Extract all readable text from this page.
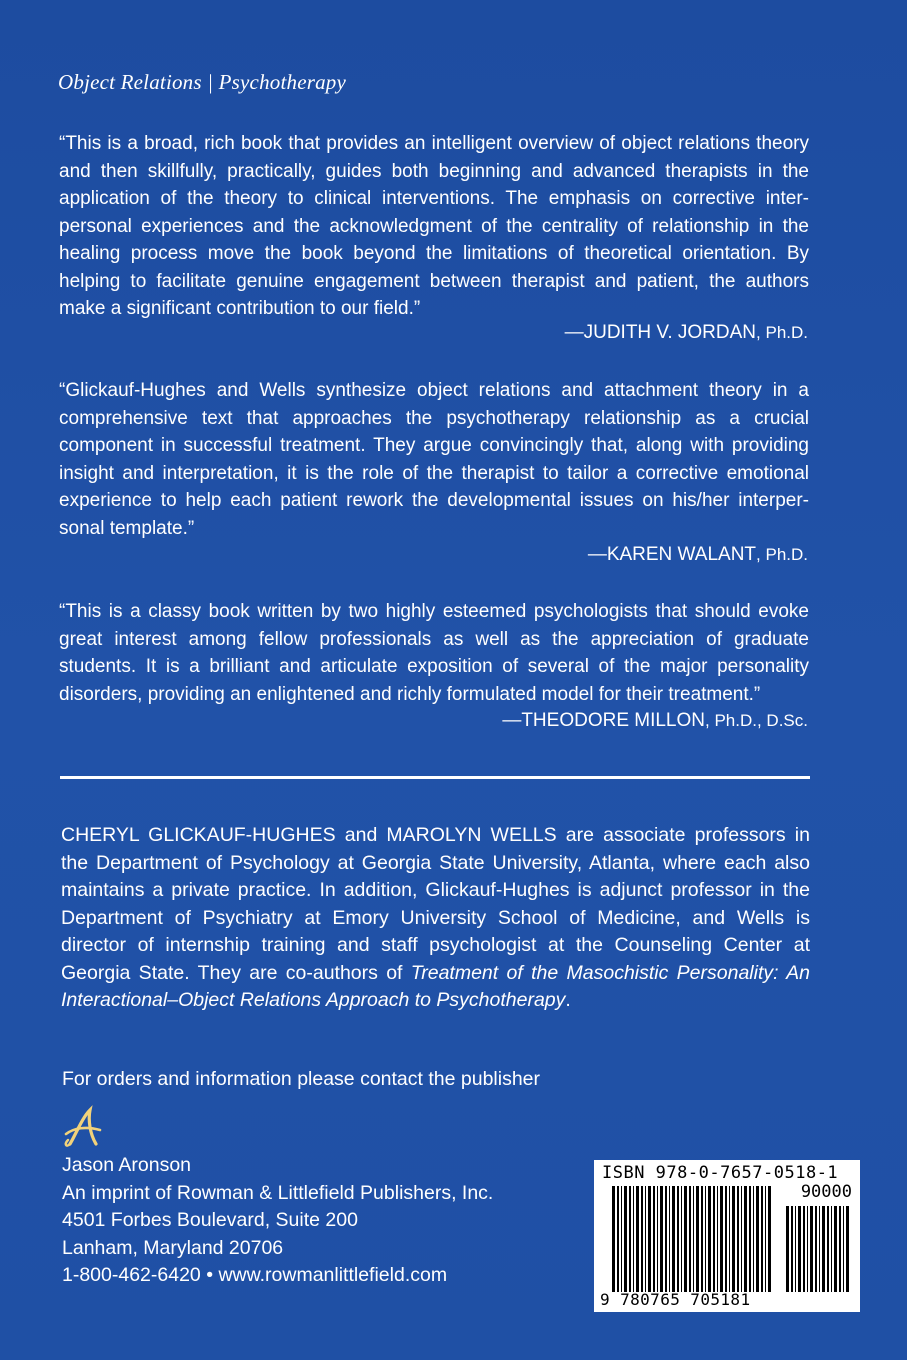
Object Relations | Psychotherapy
“This is a broad, rich book that provides an intelligent overview of object relations theory and then skillfully, practically, guides both beginning and advanced therapists in the application of the theory to clinical interventions. The emphasis on corrective inter-personal experiences and the acknowledgment of the centrality of relationship in the healing process move the book beyond the limitations of theoretical orientation. By helping to facilitate genuine engagement between therapist and patient, the authors make a significant contribution to our field.”
—JUDITH V. JORDAN, Ph.D.
“Glickauf-Hughes and Wells synthesize object relations and attachment theory in a comprehensive text that approaches the psychotherapy relationship as a crucial component in successful treatment. They argue convincingly that, along with providing insight and interpretation, it is the role of the therapist to tailor a corrective emotional experience to help each patient rework the developmental issues on his/her interper-sonal template.”
—KAREN WALANT, Ph.D.
“This is a classy book written by two highly esteemed psychologists that should evoke great interest among fellow professionals as well as the appreciation of graduate students. It is a brilliant and articulate exposition of several of the major personality disorders, providing an enlightened and richly formulated model for their treatment.”
—THEODORE MILLON, Ph.D., D.Sc.
CHERYL GLICKAUF-HUGHES and MAROLYN WELLS are associate professors in the Department of Psychology at Georgia State University, Atlanta, where each also maintains a private practice. In addition, Glickauf-Hughes is adjunct professor in the Department of Psychiatry at Emory University School of Medicine, and Wells is director of internship training and staff psychologist at the Counseling Center at Georgia State. They are co-authors of Treatment of the Masochistic Personality: An Interactional–Object Relations Approach to Psychotherapy.
For orders and information please contact the publisher
Jason Aronson
An imprint of Rowman & Littlefield Publishers, Inc.
4501 Forbes Boulevard, Suite 200
Lanham, Maryland 20706
1-800-462-6420 • www.rowmanlittlefield.com
ISBN 978-0-7657-0518-1
90000
9 780765 705181
